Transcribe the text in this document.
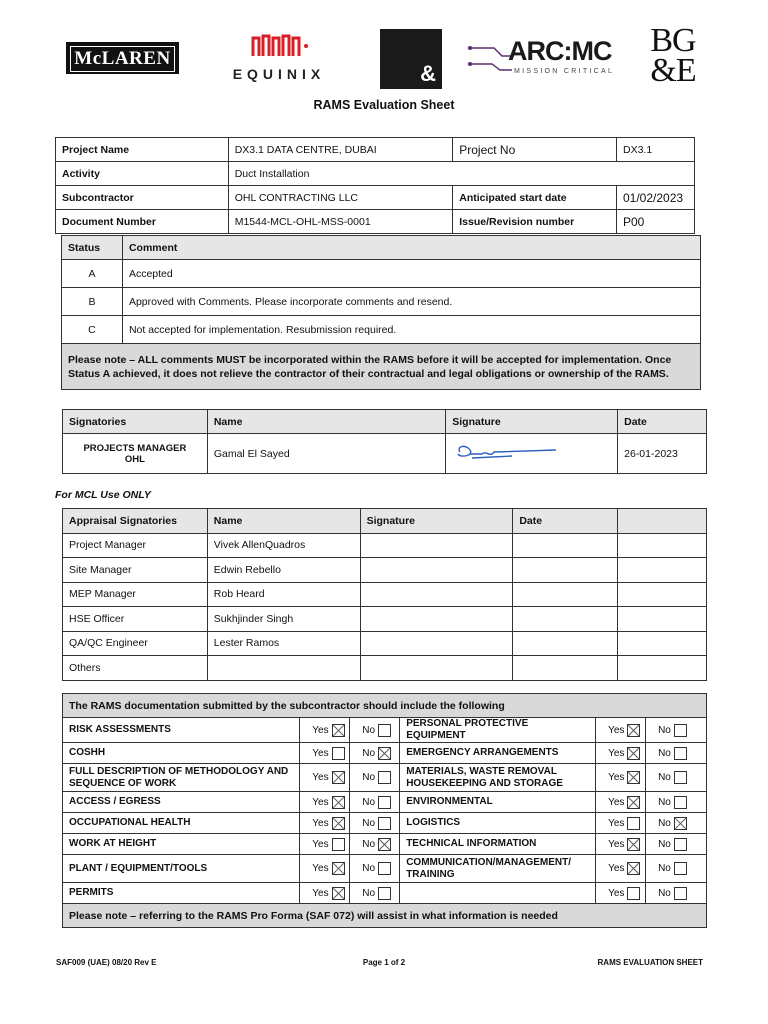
McLAREN
EQUINIX	&
ARC:MC
MISSION CRITICAL
BG&E
RAMS Evaluation Sheet
Project Name	DX3.1 DATA CENTRE, DUBAI	Project No	DX3.1
Activity	Duct Installation		
Subcontractor	OHL CONTRACTING LLC	Anticipated start date	01/02/2023
Document Number	M1544-MCL-OHL-MSS-0001	Issue/Revision number	P00
Status	Comment
A	Accepted
B	Approved with Comments. Please incorporate comments and resend.
C	Not accepted for implementation. Resubmission required.
Please note – ALL comments MUST be incorporated within the RAMS before it will be accepted for implementation. Once Status A achieved, it does not relieve the contractor of their contractual and legal obligations or ownership of the RAMS.	
Signatories	Name	Signature	Date
PROJECTS MANAGER OHL	Gamal El Sayed		26-01-2023
For MCL Use ONLY
Appraisal Signatories	Name	Signature	Date	
Project Manager	Vivek AllenQuadros			
Site Manager	Edwin Rebello			
MEP Manager	Rob Heard			
HSE Officer	Sukhjinder Singh			
QA/QC Engineer	Lester Ramos			
Others				
The RAMS documentation submitted by the subcontractor should include the following					
RISK ASSESSMENTS	Yes	No	PERSONAL PROTECTIVE EQUIPMENT	Yes	No
COSHH	Yes	No	EMERGENCY ARRANGEMENTS	Yes	No
FULL DESCRIPTION OF METHODOLOGY AND SEQUENCE OF WORK	Yes	No	MATERIALS, WASTE REMOVAL HOUSEKEEPING AND STORAGE	Yes	No
ACCESS / EGRESS	Yes	No	ENVIRONMENTAL	Yes	No
OCCUPATIONAL HEALTH	Yes	No	LOGISTICS	Yes	No
WORK AT HEIGHT	Yes	No	TECHNICAL INFORMATION	Yes	No
PLANT / EQUIPMENT/TOOLS	Yes	No	COMMUNICATION/MANAGEMENT/ TRAINING	Yes	No
PERMITS	Yes	No		Yes	No
Please note – referring to the RAMS Pro Forma (SAF 072) will assist in what information is needed					
SAF009 (UAE) 08/20 Rev E	Page 1 of 2	RAMS EVALUATION SHEET
